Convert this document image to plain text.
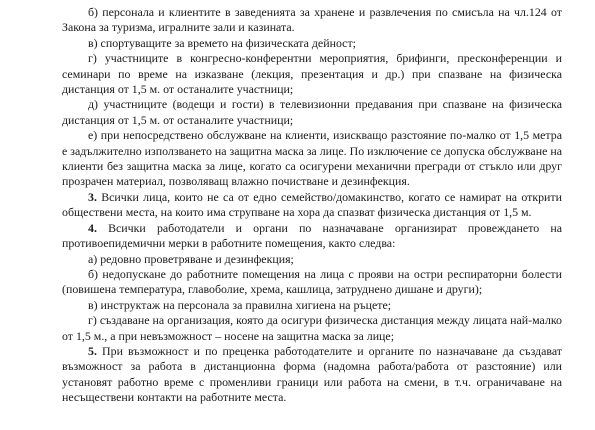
б) персонала и клиентите в заведенията за хранене и развлечения по смисъла на чл.124 от Закона за туризма, игралните зали и казината.

в) спортуващите за времето на физическата дейност;

г) участниците в конгресно-конферентни мероприятия, брифинги, пресконференции и семинари по време на изказване (лекция, презентация и др.) при спазване на физическа дистанция от 1,5 м. от останалите участници;

д) участниците (водещи и гости) в телевизионни предавания при спазване на физическа дистанция от 1,5 м. от останалите участници;

е) при непосредствено обслужване на клиенти, изискващо разстояние по-малко от 1,5 метра е задължително използването на защитна маска за лице. По изключение се допуска обслужване на клиенти без защитна маска за лице, когато са осигурени механични прегради от стъкло или друг прозрачен материал, позволяващ влажно почистване и дезинфекция.

3. Всички лица, които не са от едно семейство/домакинство, когато се намират на открити обществени места, на които има струпване на хора да спазват физическа дистанция от 1,5 м.

4. Всички работодатели и органи по назначаване организират провеждането на противоепидемични мерки в работните помещения, както следва:

а) редовно проветряване и дезинфекция;

б) недопускане до работните помещения на лица с прояви на остри респираторни болести (повишена температура, главоболие, хрема, кашлица, затруднено дишане и други);

в) инструктаж на персонала за правилна хигиена на ръцете;

г) създаване на организация, която да осигури физическа дистанция между лицата най-малко от 1,5 м., а при невъзможност – носене на защитна маска за лице;

5. При възможност и по преценка работодателите и органите по назначаване да създават възможност за работа в дистанционна форма (надомна работа/работа от разстояние) или установят работно време с променливи граници или работа на смени, в т.ч. ограничаване на несъществени контакти на работните места.
